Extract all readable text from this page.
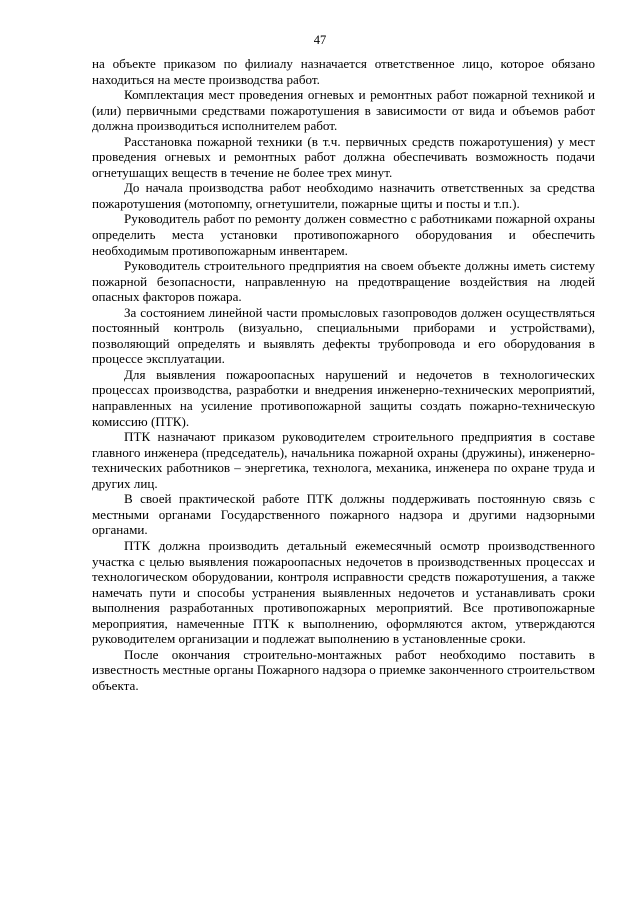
47

на объекте приказом по филиалу назначается ответственное лицо, которое обязано находиться на месте производства работ.

Комплектация мест проведения огневых и ремонтных работ пожарной техникой и (или) первичными средствами пожаротушения в зависимости от вида и объемов работ должна производиться исполнителем работ.

Расстановка пожарной техники (в т.ч. первичных средств пожаротушения) у мест проведения огневых и ремонтных работ должна обеспечивать возможность подачи огнетушащих веществ в течение не более трех минут.

До начала производства работ необходимо назначить ответственных за средства пожаротушения (мотопомпу, огнетушители, пожарные щиты и посты и т.п.).

Руководитель работ по ремонту должен совместно с работниками пожарной охраны определить места установки противопожарного оборудования и обеспечить необходимым противопожарным инвентарем.

Руководитель строительного предприятия на своем объекте должны иметь систему пожарной безопасности, направленную на предотвращение воздействия на людей опасных факторов пожара.

За состоянием линейной части промысловых газопроводов должен осуществляться постоянный контроль (визуально, специальными приборами и устройствами), позволяющий определять и выявлять дефекты трубопровода и его оборудования в процессе эксплуатации.

Для выявления пожароопасных нарушений и недочетов в технологических процессах производства, разработки и внедрения инженерно-технических мероприятий, направленных на усиление противопожарной защиты создать пожарно-техническую комиссию (ПТК).

ПТК назначают приказом руководителем строительного предприятия в составе главного инженера (председатель), начальника пожарной охраны (дружины), инженерно-технических работников – энергетика, технолога, механика, инженера по охране труда и других лиц.

В своей практической работе ПТК должны поддерживать постоянную связь с местными органами Государственного пожарного надзора и другими надзорными органами.

ПТК должна производить детальный ежемесячный осмотр производственного участка с целью выявления пожароопасных недочетов в производственных процессах и технологическом оборудовании, контроля исправности средств пожаротушения, а также намечать пути и способы устранения выявленных недочетов и устанавливать сроки выполнения разработанных противопожарных мероприятий. Все противопожарные мероприятия, намеченные ПТК к выполнению, оформляются актом, утверждаются руководителем организации и подлежат выполнению в установленные сроки.

После окончания строительно-монтажных работ необходимо поставить в известность местные органы Пожарного надзора о приемке законченного строительством объекта.
